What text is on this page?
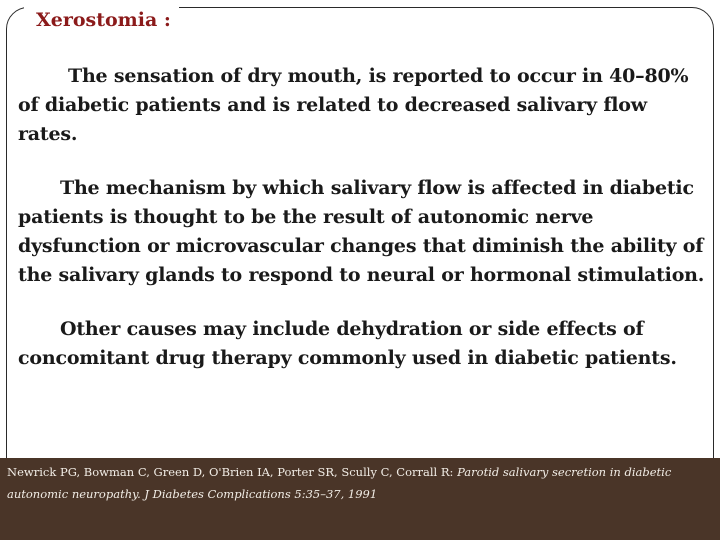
Xerostomia :

The sensation of dry mouth, is reported to occur in 40–80% of diabetic patients and is related to decreased salivary flow rates.

The mechanism by which salivary flow is affected in diabetic patients is thought to be the result of autonomic nerve dysfunction or microvascular changes that diminish the ability of the salivary glands to respond to neural or hormonal stimulation.

Other causes may include dehydration or side effects of concomitant drug therapy commonly used in diabetic patients.

Newrick PG, Bowman C, Green D, O'Brien IA, Porter SR, Scully C, Corrall R: Parotid salivary secretion in diabetic autonomic neuropathy. J Diabetes Complications 5:35–37, 1991
